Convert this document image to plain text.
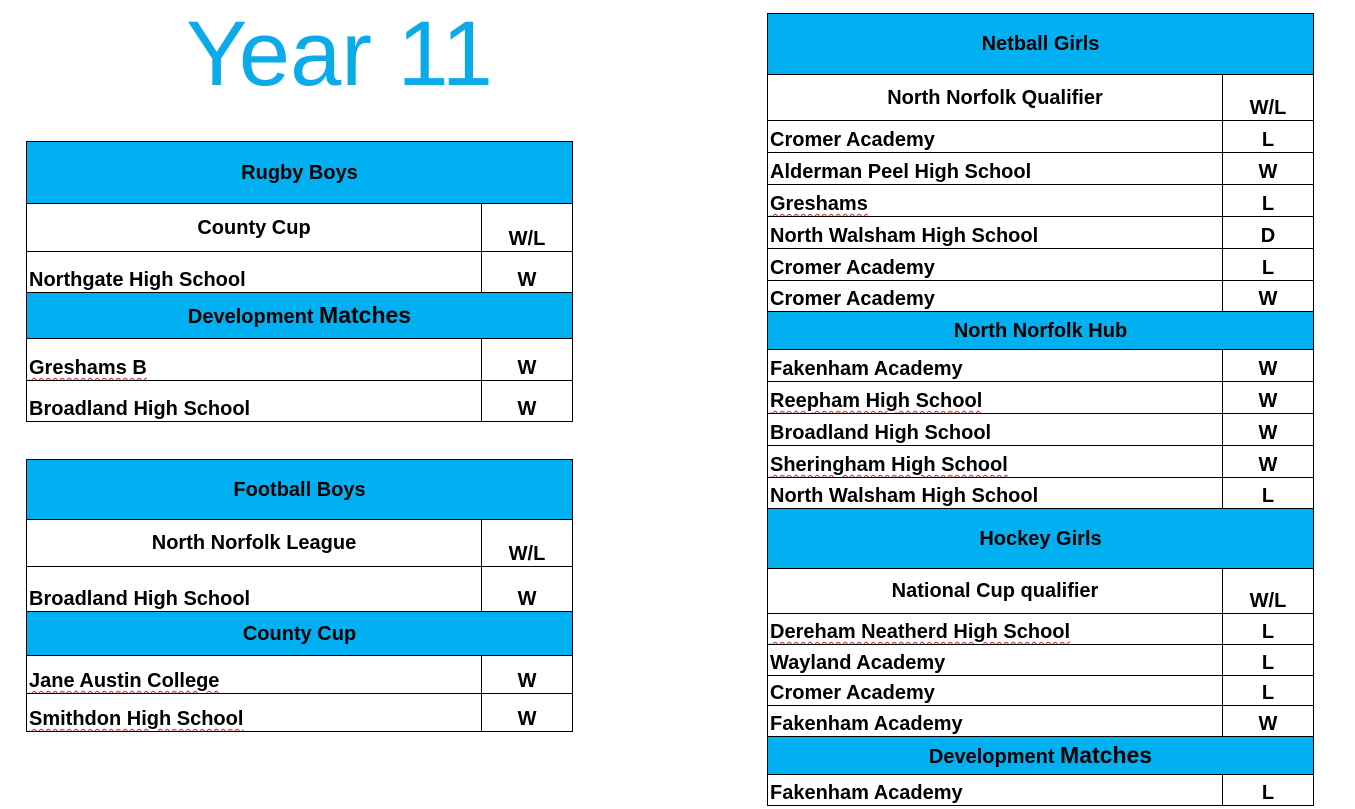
Year 11
Rugby Boys	
County Cup	W/L
Northgate High School	W
Development Matches	
Greshams B	W
Broadland High School	W
Football Boys	
North Norfolk League	W/L
Broadland High School	W
County Cup	
Jane Austin College	W
Smithdon High School	W
Netball Girls	
North Norfolk Qualifier	W/L
Cromer Academy	L
Alderman Peel High School	W
Greshams	L
North Walsham High School	D
Cromer Academy	L
Cromer Academy	W
North Norfolk Hub	
Fakenham Academy	W
Reepham High School	W
Broadland High School	W
Sheringham High School	W
North Walsham High School	L
Hockey Girls	
National Cup qualifier	W/L
Dereham Neatherd High School	L
Wayland Academy	L
Cromer Academy	L
Fakenham Academy	W
Development Matches	
Fakenham Academy	L
